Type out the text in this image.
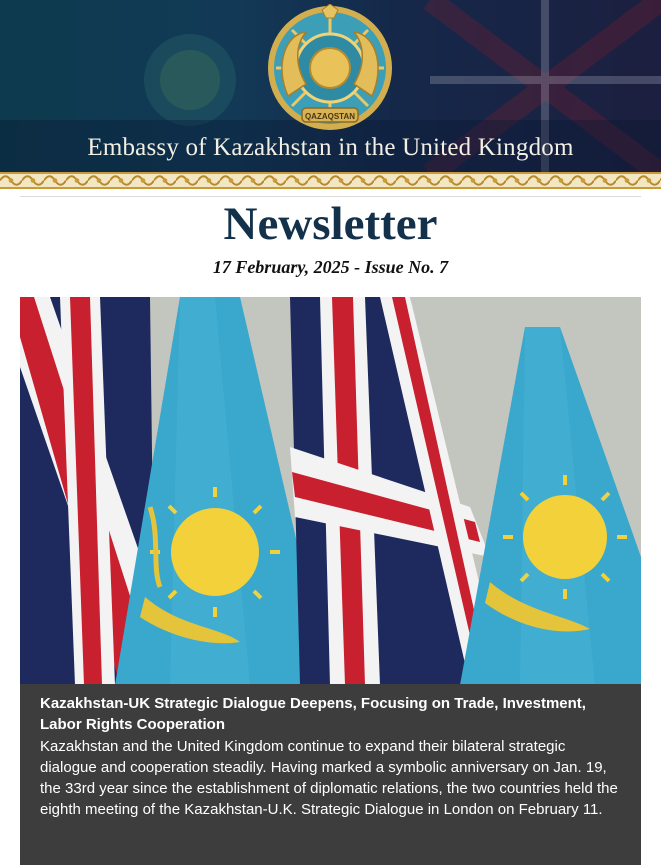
QAZAQSTAN
Embassy of Kazakhstan in the United Kingdom
Newsletter
17 February, 2025 - Issue No. 7
Kazakhstan-UK Strategic Dialogue Deepens, Focusing on Trade, Investment, Labor Rights Cooperation
Kazakhstan and the United Kingdom continue to expand their bilateral strategic dialogue and cooperation steadily. Having marked a symbolic anniversary on Jan. 19, the 33rd year since the establishment of diplomatic relations, the two countries held the eighth meeting of the Kazakhstan-U.K. Strategic Dialogue in London on February 11.
